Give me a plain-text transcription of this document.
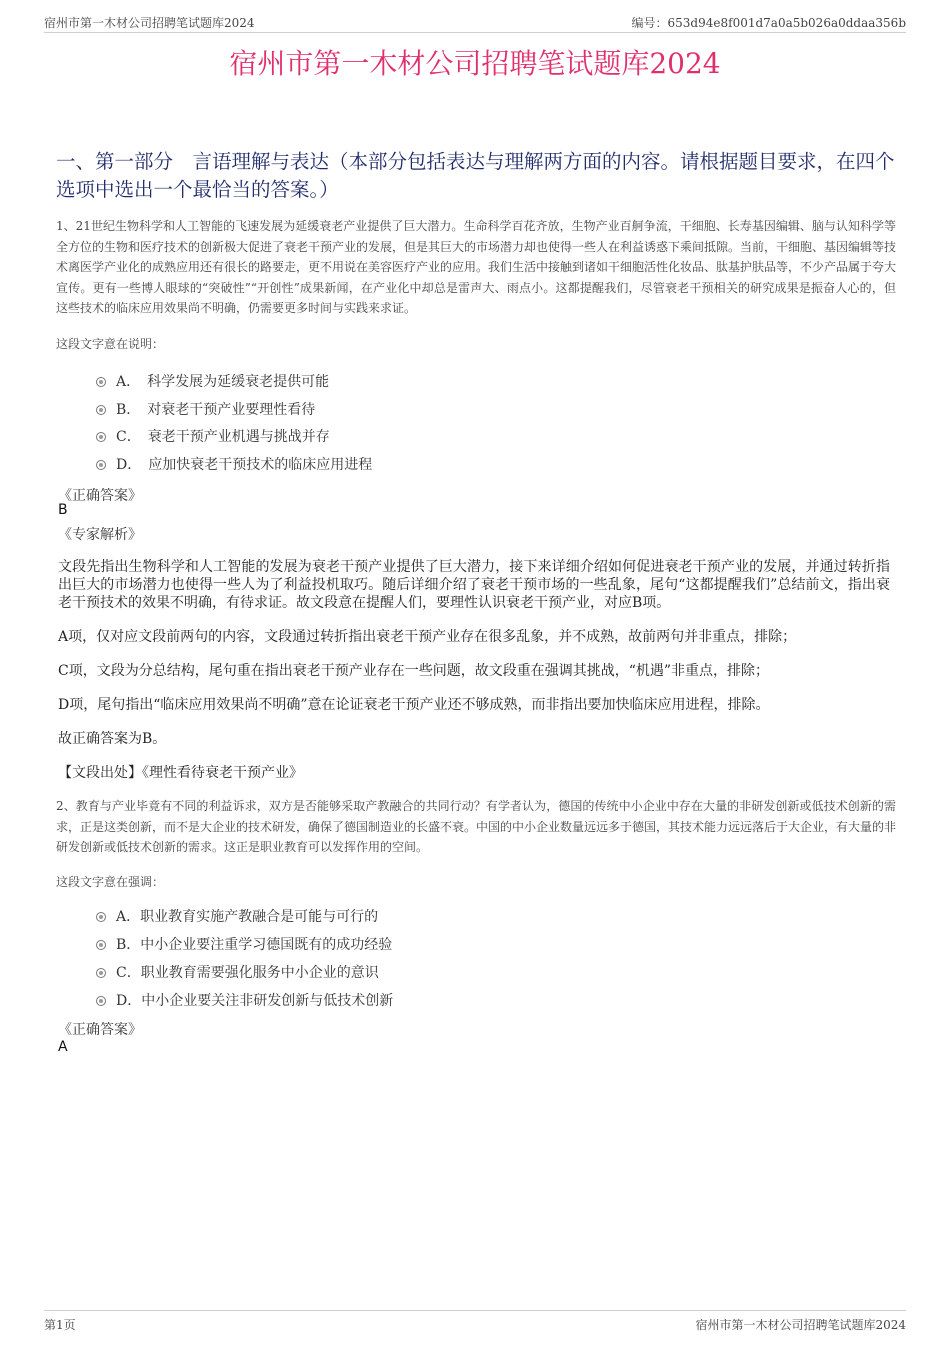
宿州市第一木材公司招聘笔试题库2024	编号：653d94e8f001d7a0a5b026a0ddaa356b
宿州市第一木材公司招聘笔试题库2024
一、第一部分　言语理解与表达（本部分包括表达与理解两方面的内容。请根据题目要求，在四个选项中选出一个最恰当的答案。）
1、21世纪生物科学和人工智能的飞速发展为延缓衰老产业提供了巨大潜力。生命科学百花齐放，生物产业百舸争流，干细胞、长寿基因编辑、脑与认知科学等全方位的生物和医疗技术的创新极大促进了衰老干预产业的发展，但是其巨大的市场潜力却也使得一些人在利益诱惑下乘间抵隙。当前，干细胞、基因编辑等技术离医学产业化的成熟应用还有很长的路要走，更不用说在美容医疗产业的应用。我们生活中接触到诸如干细胞活性化妆品、肽基护肤品等，不少产品属于夸大宣传。更有一些博人眼球的“突破性”“开创性”成果新闻，在产业化中却总是雷声大、雨点小。这都提醒我们，尽管衰老干预相关的研究成果是振奋人心的，但这些技术的临床应用效果尚不明确，仍需要更多时间与实践来求证。
这段文字意在说明：
A．　科学发展为延缓衰老提供可能
B．　对衰老干预产业要理性看待
C．　衰老干预产业机遇与挑战并存
D．　应加快衰老干预技术的临床应用进程
《正确答案》
B
《专家解析》
文段先指出生物科学和人工智能的发展为衰老干预产业提供了巨大潜力，接下来详细介绍如何促进衰老干预产业的发展，并通过转折指出巨大的市场潜力也使得一些人为了利益投机取巧。随后详细介绍了衰老干预市场的一些乱象，尾句“这都提醒我们”总结前文，指出衰老干预技术的效果不明确，有待求证。故文段意在提醒人们，要理性认识衰老干预产业，对应B项。
A项，仅对应文段前两句的内容，文段通过转折指出衰老干预产业存在很多乱象，并不成熟，故前两句并非重点，排除；
C项，文段为分总结构，尾句重在指出衰老干预产业存在一些问题，故文段重在强调其挑战，“机遇”非重点，排除；
D项，尾句指出“临床应用效果尚不明确”意在论证衰老干预产业还不够成熟，而非指出要加快临床应用进程，排除。
故正确答案为B。
【文段出处】《理性看待衰老干预产业》
2、教育与产业毕竟有不同的利益诉求，双方是否能够采取产教融合的共同行动？有学者认为，德国的传统中小企业中存在大量的非研发创新或低技术创新的需求，正是这类创新，而不是大企业的技术研发，确保了德国制造业的长盛不衰。中国的中小企业数量远远多于德国，其技术能力远远落后于大企业，有大量的非研发创新或低技术创新的需求。这正是职业教育可以发挥作用的空间。
这段文字意在强调：
A．职业教育实施产教融合是可能与可行的
B．中小企业要注重学习德国既有的成功经验
C．职业教育需要强化服务中小企业的意识
D．中小企业要关注非研发创新与低技术创新
《正确答案》
A
第1页	宿州市第一木材公司招聘笔试题库2024
